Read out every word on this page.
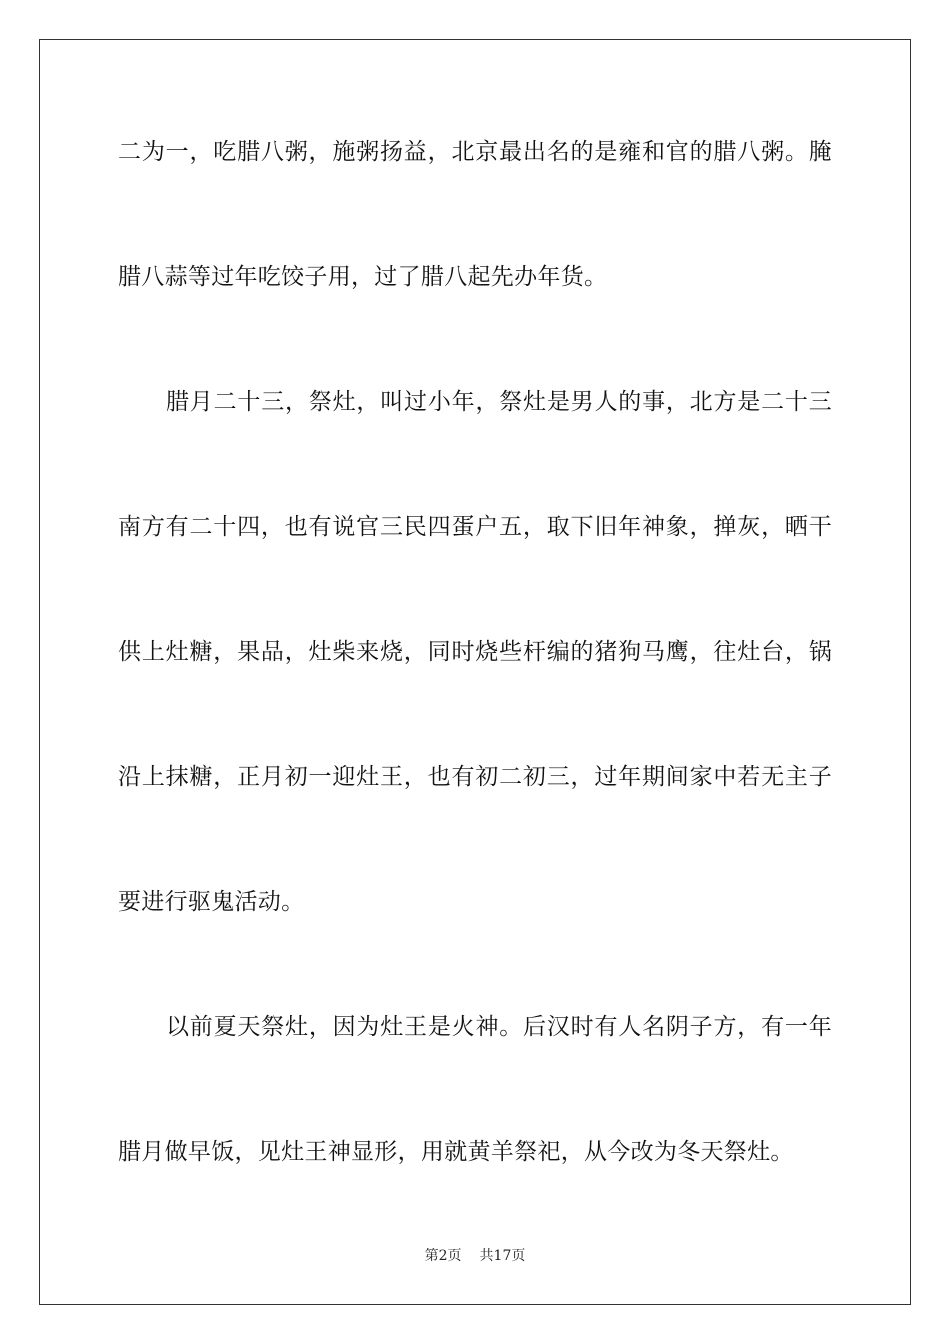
二为一，吃腊八粥，施粥扬益，北京最出名的是雍和官的腊八粥。腌
腊八蒜等过年吃饺子用，过了腊八起先办年货。
腊月二十三，祭灶，叫过小年，祭灶是男人的事，北方是二十三
南方有二十四，也有说官三民四蛋户五，取下旧年神象，掸灰，晒干
供上灶糖，果品，灶柴来烧，同时烧些杆编的猪狗马鹰，往灶台，锅
沿上抹糖，正月初一迎灶王，也有初二初三，过年期间家中若无主子
要进行驱鬼活动。
以前夏天祭灶，因为灶王是火神。后汉时有人名阴子方，有一年
腊月做早饭，见灶王神显形，用就黄羊祭祀，从今改为冬天祭灶。
第2页 共17页
